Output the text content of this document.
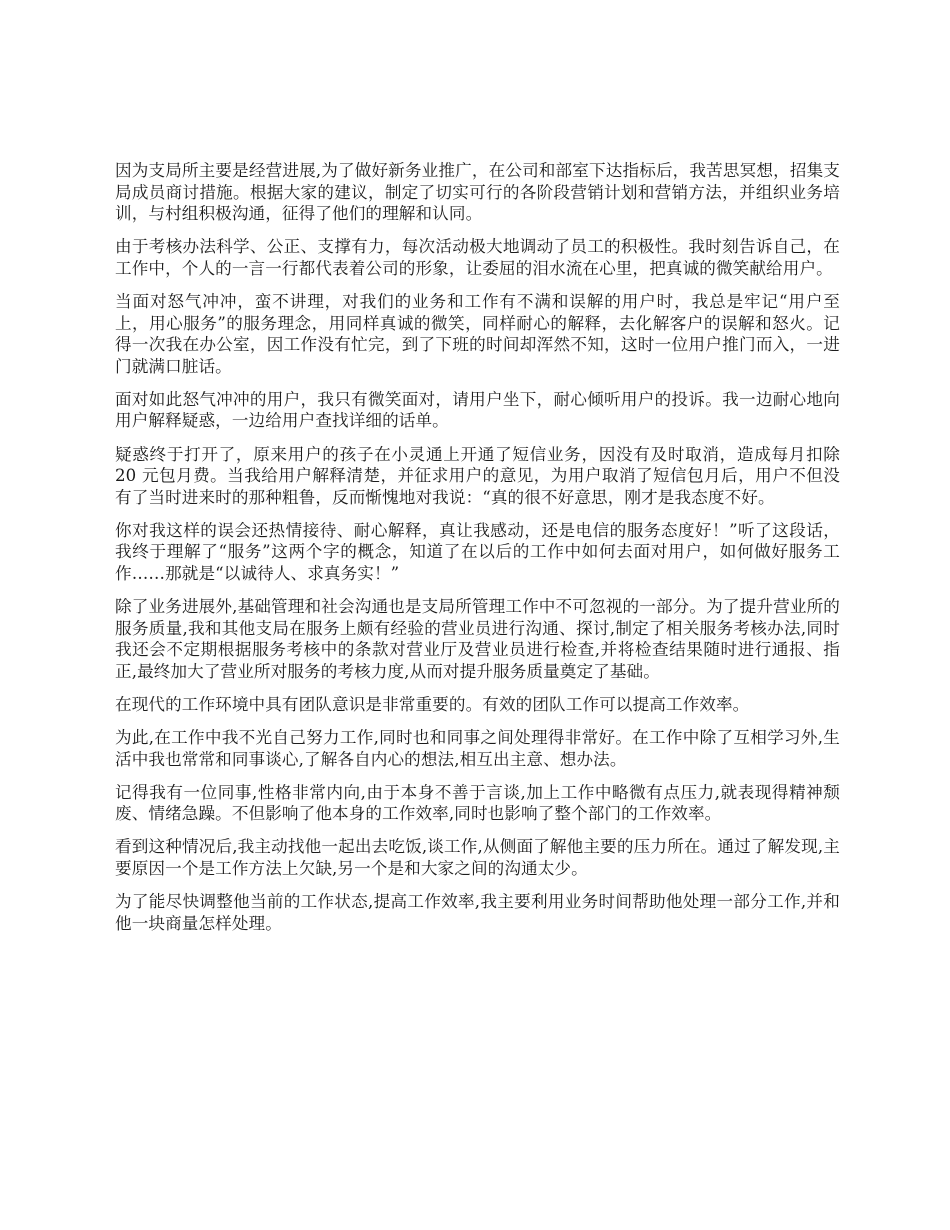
因为支局所主要是经营进展,为了做好新务业推广，在公司和部室下达指标后，我苦思冥想，招集支局成员商讨措施。根据大家的建议，制定了切实可行的各阶段营销计划和营销方法，并组织业务培训，与村组积极沟通，征得了他们的理解和认同。

由于考核办法科学、公正、支撑有力，每次活动极大地调动了员工的积极性。我时刻告诉自己，在工作中，个人的一言一行都代表着公司的形象，让委屈的泪水流在心里，把真诚的微笑献给用户。

当面对怒气冲冲，蛮不讲理，对我们的业务和工作有不满和误解的用户时，我总是牢记“用户至上，用心服务”的服务理念，用同样真诚的微笑，同样耐心的解释，去化解客户的误解和怒火。记得一次我在办公室，因工作没有忙完，到了下班的时间却浑然不知，这时一位用户推门而入，一进门就满口脏话。

面对如此怒气冲冲的用户，我只有微笑面对，请用户坐下，耐心倾听用户的投诉。我一边耐心地向用户解释疑惑，一边给用户查找详细的话单。

疑惑终于打开了，原来用户的孩子在小灵通上开通了短信业务，因没有及时取消，造成每月扣除 20 元包月费。当我给用户解释清楚，并征求用户的意见，为用户取消了短信包月后，用户不但没有了当时进来时的那种粗鲁，反而惭愧地对我说：“真的很不好意思，刚才是我态度不好。

你对我这样的误会还热情接待、耐心解释，真让我感动，还是电信的服务态度好！”听了这段话，我终于理解了“服务”这两个字的概念，知道了在以后的工作中如何去面对用户，如何做好服务工作……那就是“以诚待人、求真务实！”

除了业务进展外,基础管理和社会沟通也是支局所管理工作中不可忽视的一部分。为了提升营业所的服务质量,我和其他支局在服务上颇有经验的营业员进行沟通、探讨,制定了相关服务考核办法,同时我还会不定期根据服务考核中的条款对营业厅及营业员进行检查,并将检查结果随时进行通报、指正,最终加大了营业所对服务的考核力度,从而对提升服务质量奠定了基础。

在现代的工作环境中具有团队意识是非常重要的。有效的团队工作可以提高工作效率。

为此,在工作中我不光自己努力工作,同时也和同事之间处理得非常好。在工作中除了互相学习外,生活中我也常常和同事谈心,了解各自内心的想法,相互出主意、想办法。

记得我有一位同事,性格非常内向,由于本身不善于言谈,加上工作中略微有点压力,就表现得精神颓废、情绪急躁。不但影响了他本身的工作效率,同时也影响了整个部门的工作效率。

看到这种情况后,我主动找他一起出去吃饭,谈工作,从侧面了解他主要的压力所在。通过了解发现,主要原因一个是工作方法上欠缺,另一个是和大家之间的沟通太少。

为了能尽快调整他当前的工作状态,提高工作效率,我主要利用业务时间帮助他处理一部分工作,并和他一块商量怎样处理。
